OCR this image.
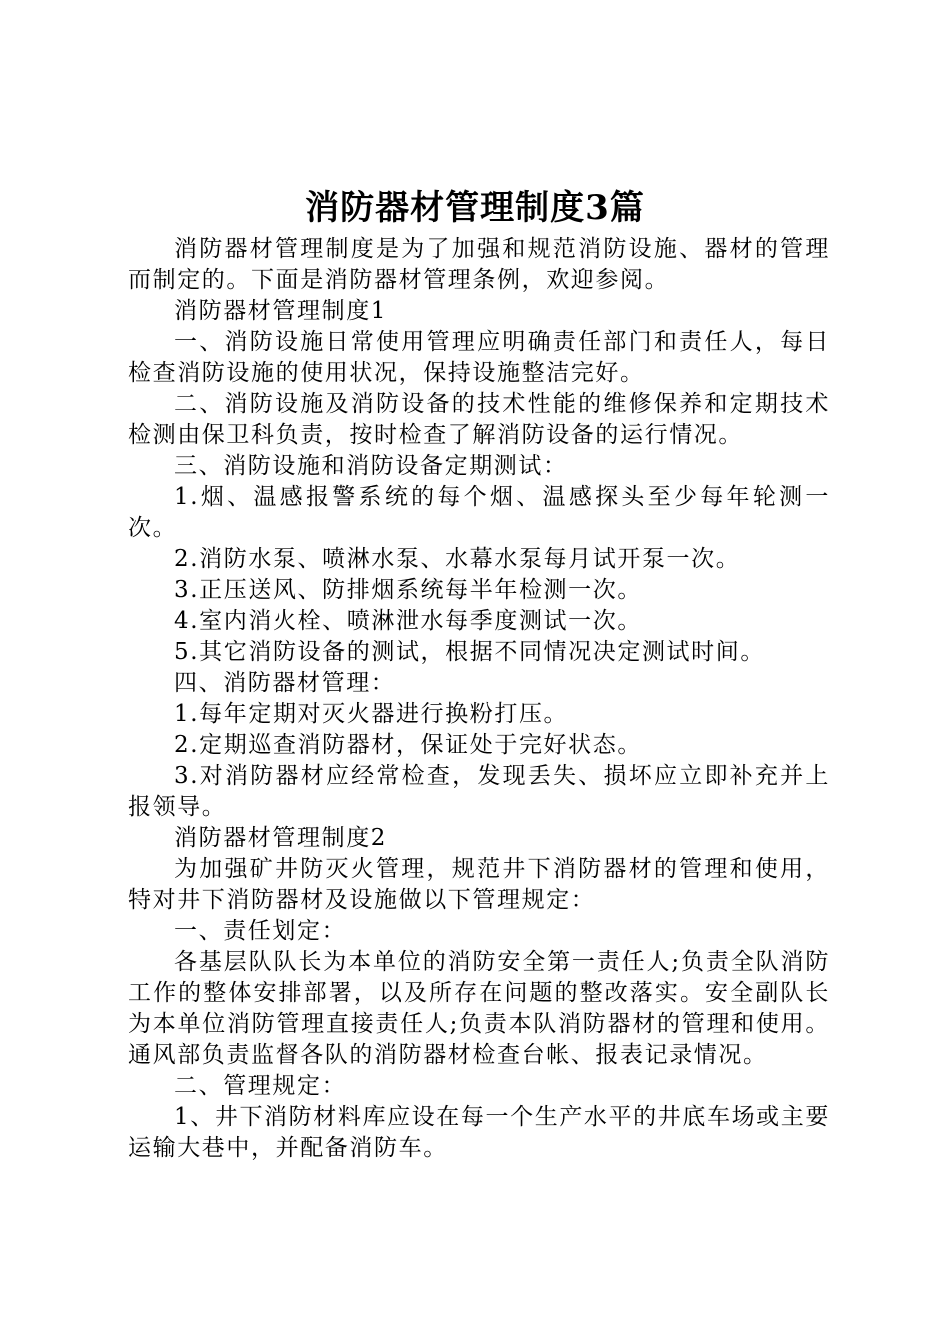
消防器材管理制度3篇

消防器材管理制度是为了加强和规范消防设施、器材的管理而制定的。下面是消防器材管理条例，欢迎参阅。

消防器材管理制度1

一、消防设施日常使用管理应明确责任部门和责任人，每日检查消防设施的使用状况，保持设施整洁完好。

二、消防设施及消防设备的技术性能的维修保养和定期技术检测由保卫科负责，按时检查了解消防设备的运行情况。

三、消防设施和消防设备定期测试：

1.烟、温感报警系统的每个烟、温感探头至少每年轮测一次。

2.消防水泵、喷淋水泵、水幕水泵每月试开泵一次。

3.正压送风、防排烟系统每半年检测一次。

4.室内消火栓、喷淋泄水每季度测试一次。

5.其它消防设备的测试，根据不同情况决定测试时间。

四、消防器材管理：

1.每年定期对灭火器进行换粉打压。

2.定期巡查消防器材，保证处于完好状态。

3.对消防器材应经常检查，发现丢失、损坏应立即补充并上报领导。

消防器材管理制度2

为加强矿井防灭火管理，规范井下消防器材的管理和使用，特对井下消防器材及设施做以下管理规定：

一、责任划定：

各基层队队长为本单位的消防安全第一责任人;负责全队消防工作的整体安排部署，以及所存在问题的整改落实。安全副队长为本单位消防管理直接责任人;负责本队消防器材的管理和使用。通风部负责监督各队的消防器材检查台帐、报表记录情况。

二、管理规定：

1、井下消防材料库应设在每一个生产水平的井底车场或主要运输大巷中，并配备消防车。
